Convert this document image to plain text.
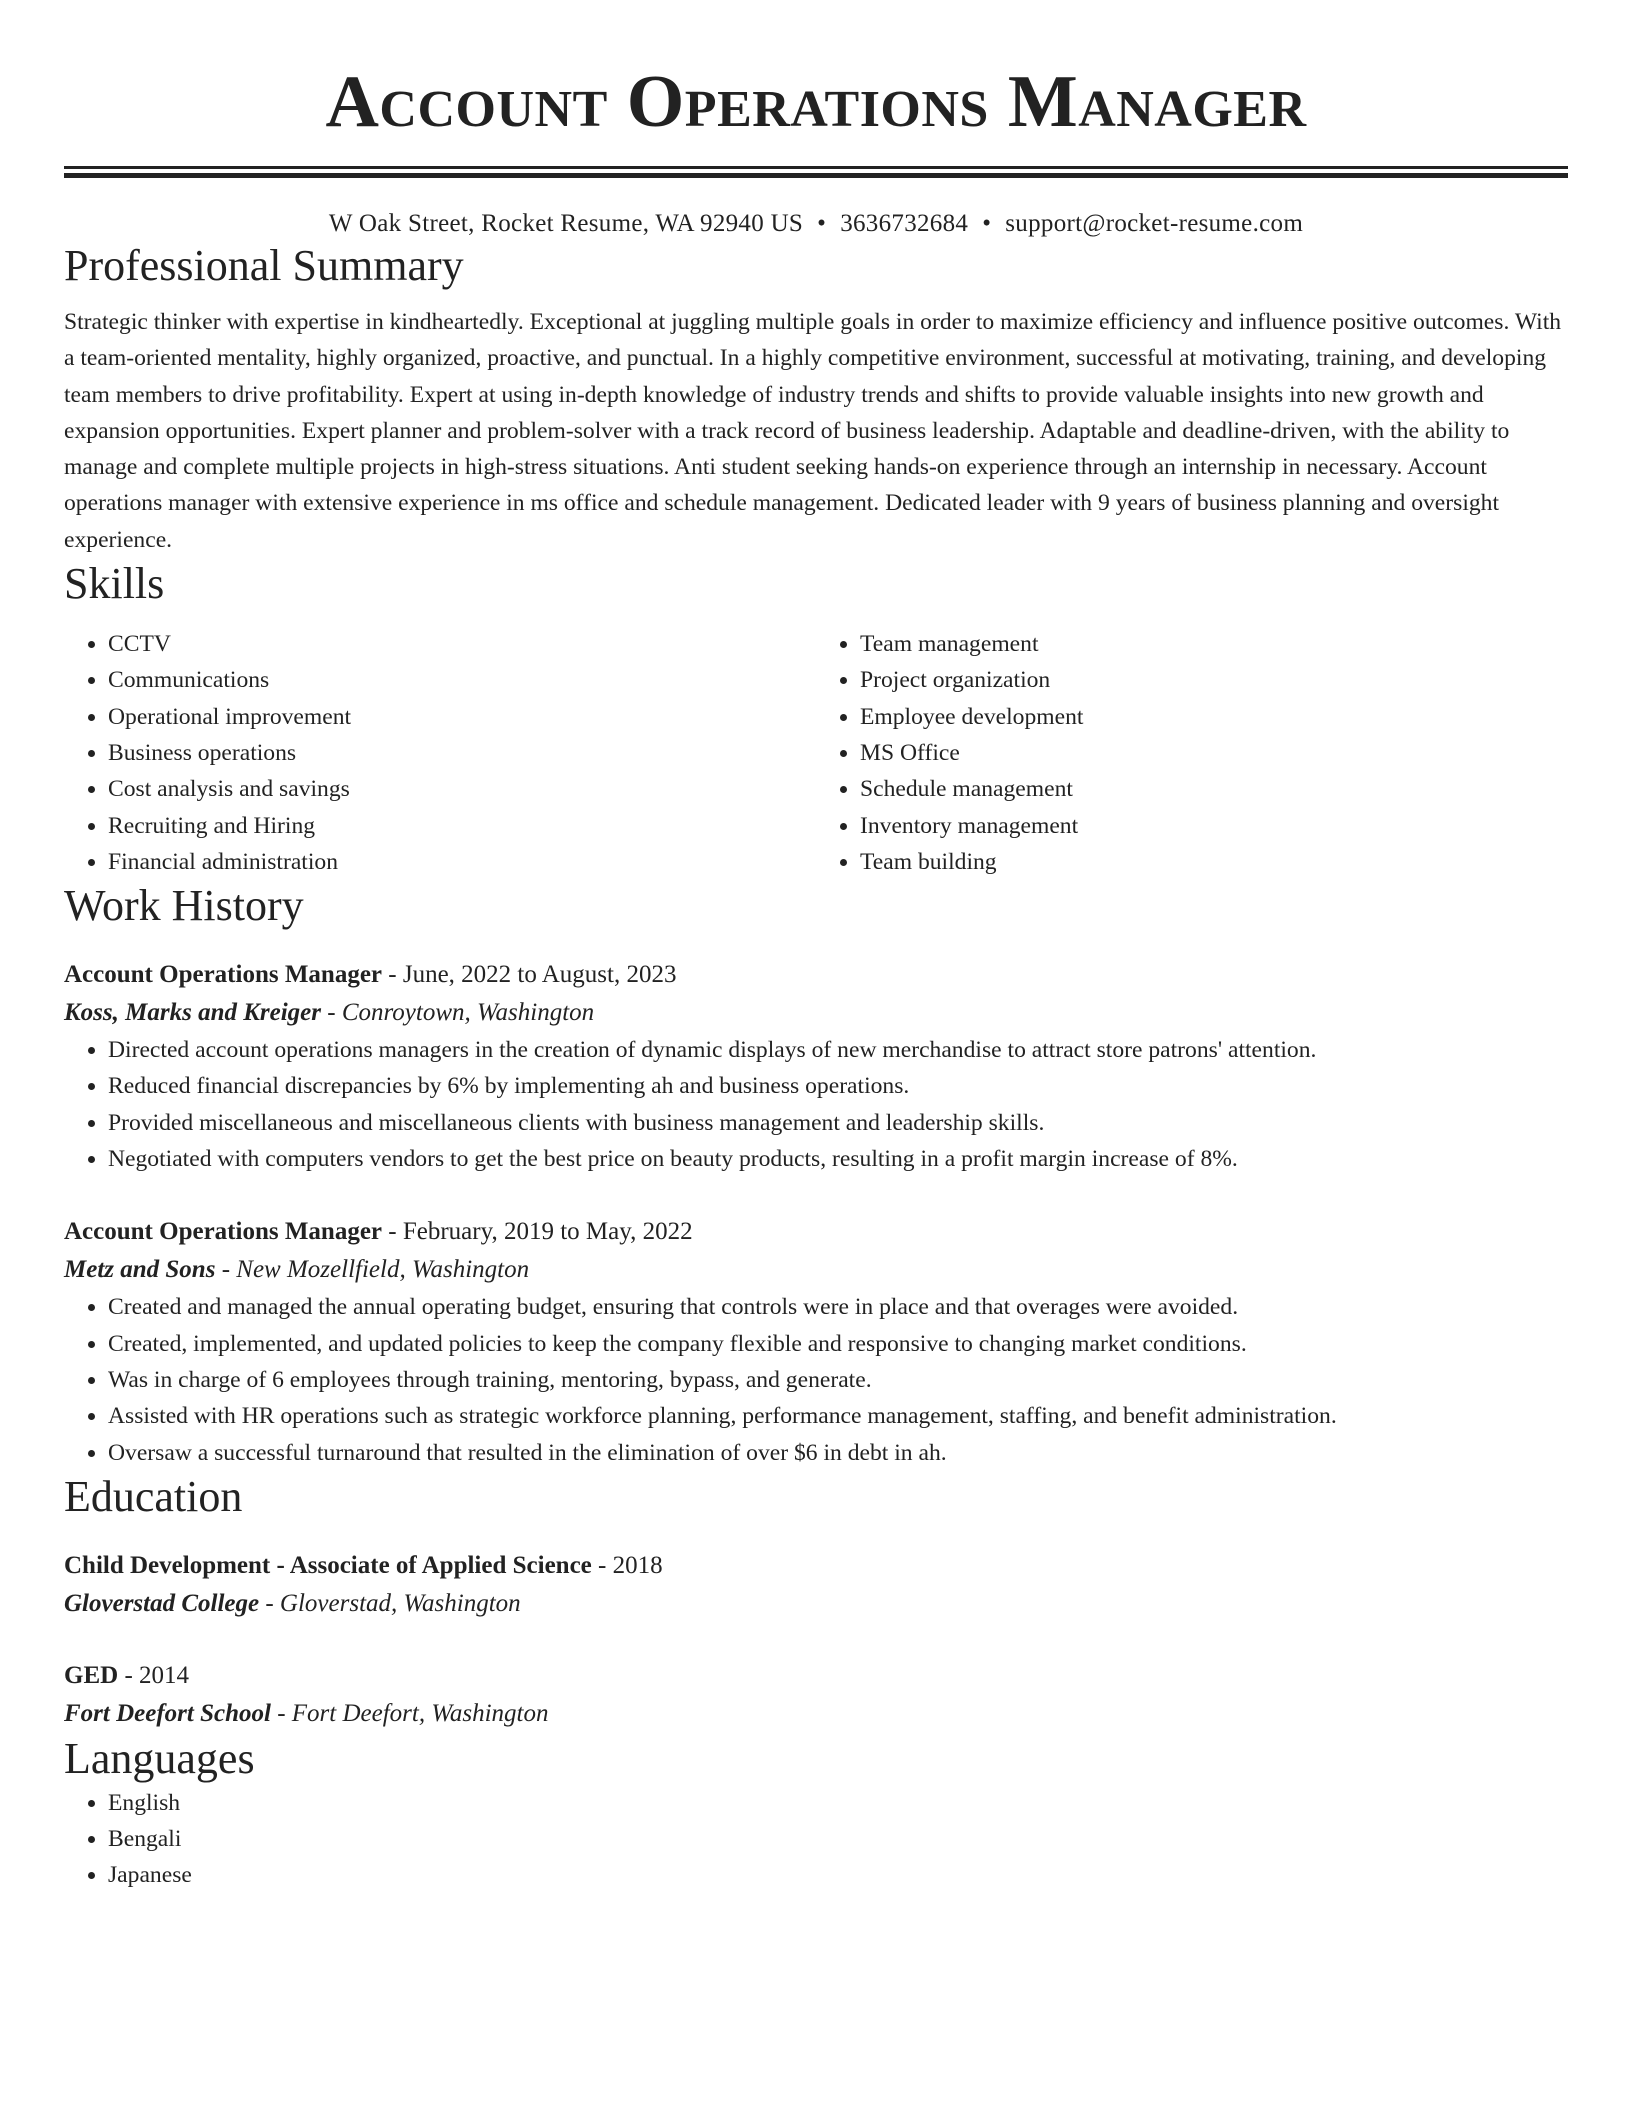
Account Operations Manager
W Oak Street, Rocket Resume, WA 92940 US • 3636732684 • support@rocket-resume.com
Professional Summary

Strategic thinker with expertise in kindheartedly. Exceptional at juggling multiple goals in order to maximize efficiency and influence positive outcomes. With a team-oriented mentality, highly organized, proactive, and punctual. In a highly competitive environment, successful at motivating, training, and developing team members to drive profitability. Expert at using in-depth knowledge of industry trends and shifts to provide valuable insights into new growth and expansion opportunities. Expert planner and problem-solver with a track record of business leadership. Adaptable and deadline-driven, with the ability to manage and complete multiple projects in high-stress situations. Anti student seeking hands-on experience through an internship in necessary. Account operations manager with extensive experience in ms office and schedule management. Dedicated leader with 9 years of business planning and oversight experience.

Skills
• CCTV
• Communications
• Operational improvement
• Business operations
• Cost analysis and savings
• Recruiting and Hiring
• Financial administration
• Team management
• Project organization
• Employee development
• MS Office
• Schedule management
• Inventory management
• Team building
Work History
Account Operations Manager - June, 2022 to August, 2023
Koss, Marks and Kreiger - Conroytown, Washington
• Directed account operations managers in the creation of dynamic displays of new merchandise to attract store patrons' attention.
• Reduced financial discrepancies by 6% by implementing ah and business operations.
• Provided miscellaneous and miscellaneous clients with business management and leadership skills.
• Negotiated with computers vendors to get the best price on beauty products, resulting in a profit margin increase of 8%.
Account Operations Manager - February, 2019 to May, 2022
Metz and Sons - New Mozellfield, Washington
• Created and managed the annual operating budget, ensuring that controls were in place and that overages were avoided.
• Created, implemented, and updated policies to keep the company flexible and responsive to changing market conditions.
• Was in charge of 6 employees through training, mentoring, bypass, and generate.
• Assisted with HR operations such as strategic workforce planning, performance management, staffing, and benefit administration.
• Oversaw a successful turnaround that resulted in the elimination of over $6 in debt in ah.
Education
Child Development - Associate of Applied Science - 2018
Gloverstad College - Gloverstad, Washington
GED - 2014
Fort Deefort School - Fort Deefort, Washington
Languages
• English
• Bengali
• Japanese
